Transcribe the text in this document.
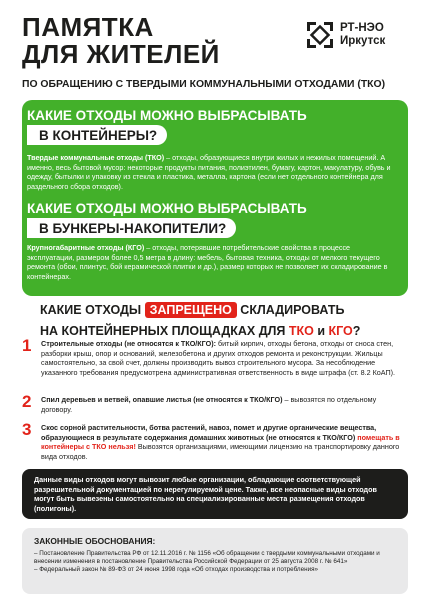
ПАМЯТКА
ДЛЯ ЖИТЕЛЕЙ
РТ-НЭО
Иркутск
ПО ОБРАЩЕНИЮ С ТВЕРДЫМИ КОММУНАЛЬНЫМИ ОТХОДАМИ (ТКО)
КАКИЕ ОТХОДЫ МОЖНО ВЫБРАСЫВАТЬ
В КОНТЕЙНЕРЫ?
Твердые коммунальные отходы (ТКО) – отходы, образующиеся внутри жилых и нежилых помещений. А именно, весь бытовой мусор: некоторые продукты питания, полиэтилен, бумагу, картон, макулатуру, обувь и одежду, бытылки и упаковку из стекла и пластика, металла, картона (если нет отдельного контейнера для раздельного сбора отходов).
КАКИЕ ОТХОДЫ МОЖНО ВЫБРАСЫВАТЬ
В БУНКЕРЫ-НАКОПИТЕЛИ?
Крупногабаритные отходы (КГО) – отходы, потерявшие потребительские свойства в процессе эксплуатации, размером более 0,5 метра в длину: мебель, бытовая техника, отходы от мелкого текущего ремонта (обои, плинтус, бой керамической плитки и др.), размер которых не позволяет их складирование в контейнерах.
КАКИЕ ОТХОДЫ ЗАПРЕЩЕНО СКЛАДИРОВАТЬ
НА КОНТЕЙНЕРНЫХ ПЛОЩАДКАХ ДЛЯ ТКО и КГО?
1	Строительные отходы (не относятся к ТКО/КГО): битый кирпич, отходы бетона, отходы от сноса стен, разборки крыш, опор и оснований, железобетона и других отходов ремонта и реконструкции. Жильцы самостоятельно, за свой счет, должны производить вывоз строительного мусора. За несоблюдение указанного требования предусмотрена административная ответственность в виде штрафа (ст. 8.2 КоАП).
2	Спил деревьев и ветвей, опавшие листья (не относятся к ТКО/КГО) – вывозятся по отдельному договору.
3	Скос сорной растительности, ботва растений, навоз, помет и другие органические вещества, образующиеся в результате содержания домашних животных (не относятся к ТКО/КГО) помещать в контейнеры с ТКО нельзя! Вывозятся организациями, имеющими лицензию на транспортировку данного вида отходов.
Данные виды отходов могут вывозит любые организации, обладающие соответствующей разрешительной документацией по нерегулируемой цене. Также, все неопасные виды отходов могут быть вывезены самостоятельно на специализированные места размещения отходов (полигоны).
ЗАКОННЫЕ ОБОСНОВАНИЯ:
– Постановление Правительства РФ от 12.11.2016 г. № 1156 «Об обращении с твердыми коммунальными отходами и внесении изменения в постановление Правительства Российской Федерации от 25 августа 2008 г. № 641»
– Федеральный закон № 89-ФЗ от 24 июня 1998 года «Об отходах производства и потребления»
